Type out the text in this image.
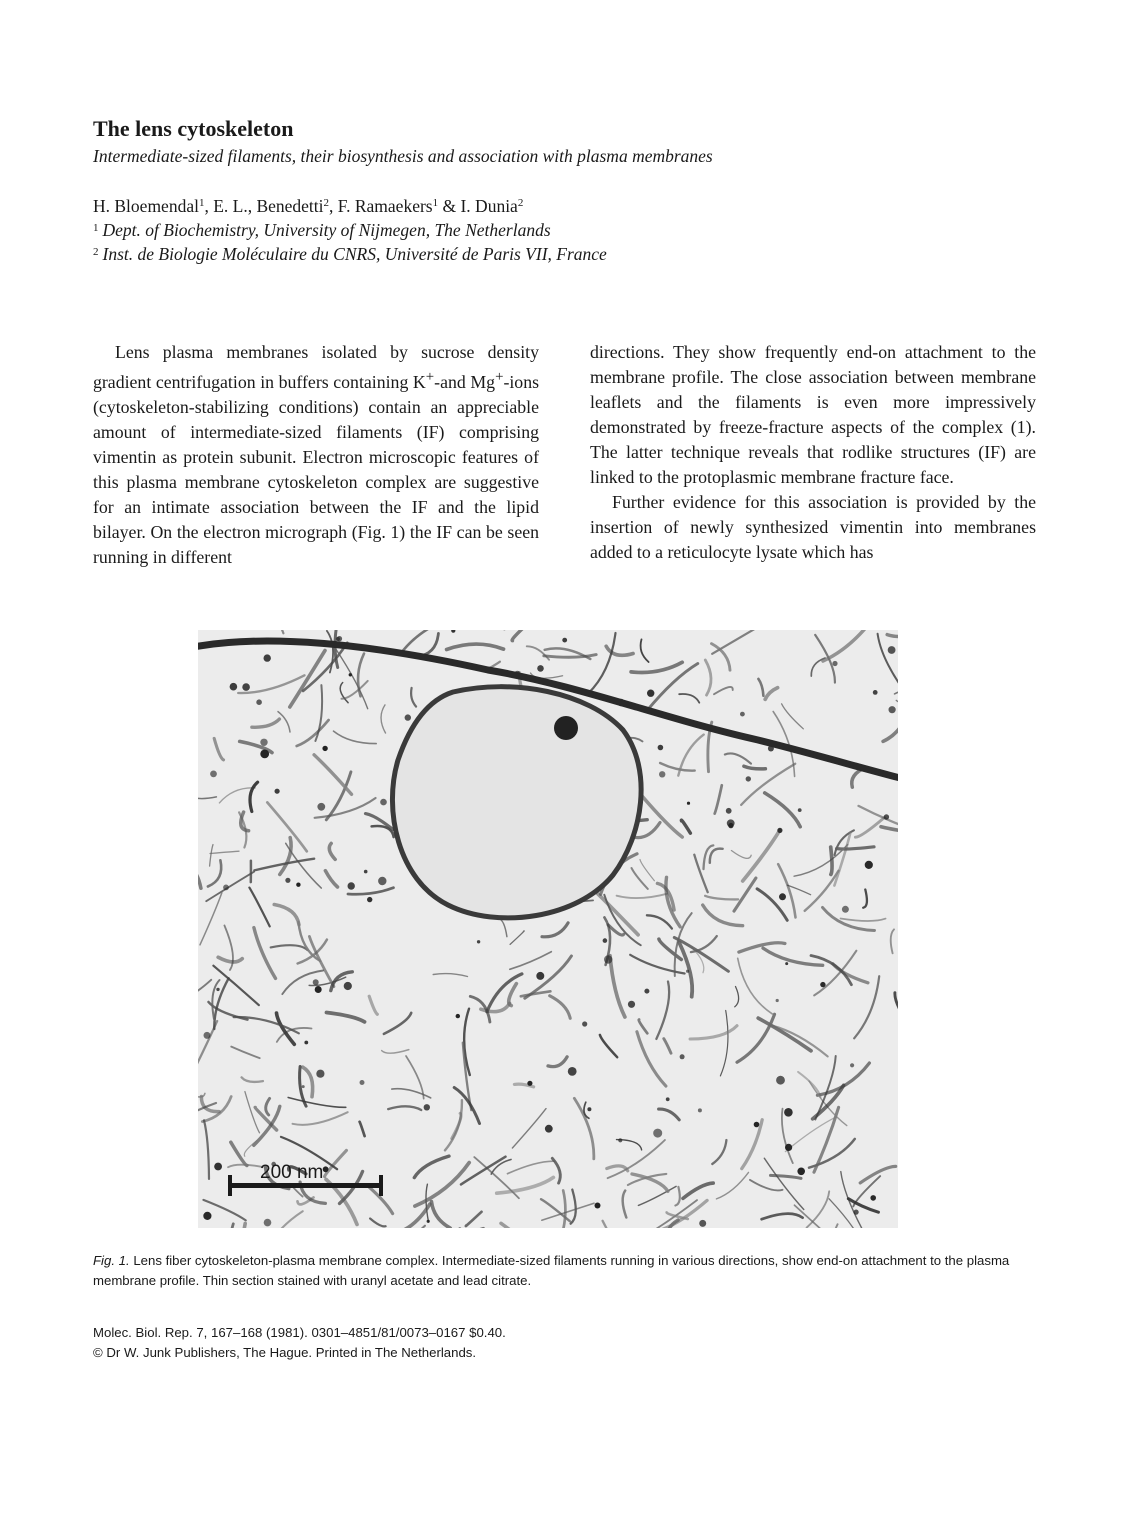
The lens cytoskeleton
Intermediate-sized filaments, their biosynthesis and association with plasma membranes
H. Bloemendal$^1$, E. L., Benedetti$^2$, F. Ramaekers$^1$ & I. Dunia$^2$
$^1$ Dept. of Biochemistry, University of Nijmegen, The Netherlands
$^2$ Inst. de Biologie Moléculaire du CNRS, Université de Paris VII, France

Lens plasma membranes isolated by sucrose density gradient centrifugation in buffers containing K+-and Mg+-ions (cytoskeleton-stabilizing conditions) contain an appreciable amount of intermediate-sized filaments (IF) comprising vimentin as protein subunit. Electron microscopic features of this plasma membrane cytoskeleton complex are suggestive for an intimate association between the IF and the lipid bilayer. On the electron micrograph (Fig. 1) the IF can be seen running in different

directions. They show frequently end-on attachment to the membrane profile. The close association between membrane leaflets and the filaments is even more impressively demonstrated by freeze-fracture aspects of the complex (1). The latter technique reveals that rodlike structures (IF) are linked to the protoplasmic membrane fracture face.

Further evidence for this association is provided by the insertion of newly synthesized vimentin into membranes added to a reticulocyte lysate which has

200 nm
Fig. 1. Lens fiber cytoskeleton-plasma membrane complex. Intermediate-sized filaments running in various directions, show end-on attachment to the plasma membrane profile. Thin section stained with uranyl acetate and lead citrate.
Molec. Biol. Rep. 7, 167–168 (1981). 0301–4851/81/0073–0167 $0.40.
© Dr W. Junk Publishers, The Hague. Printed in The Netherlands.
